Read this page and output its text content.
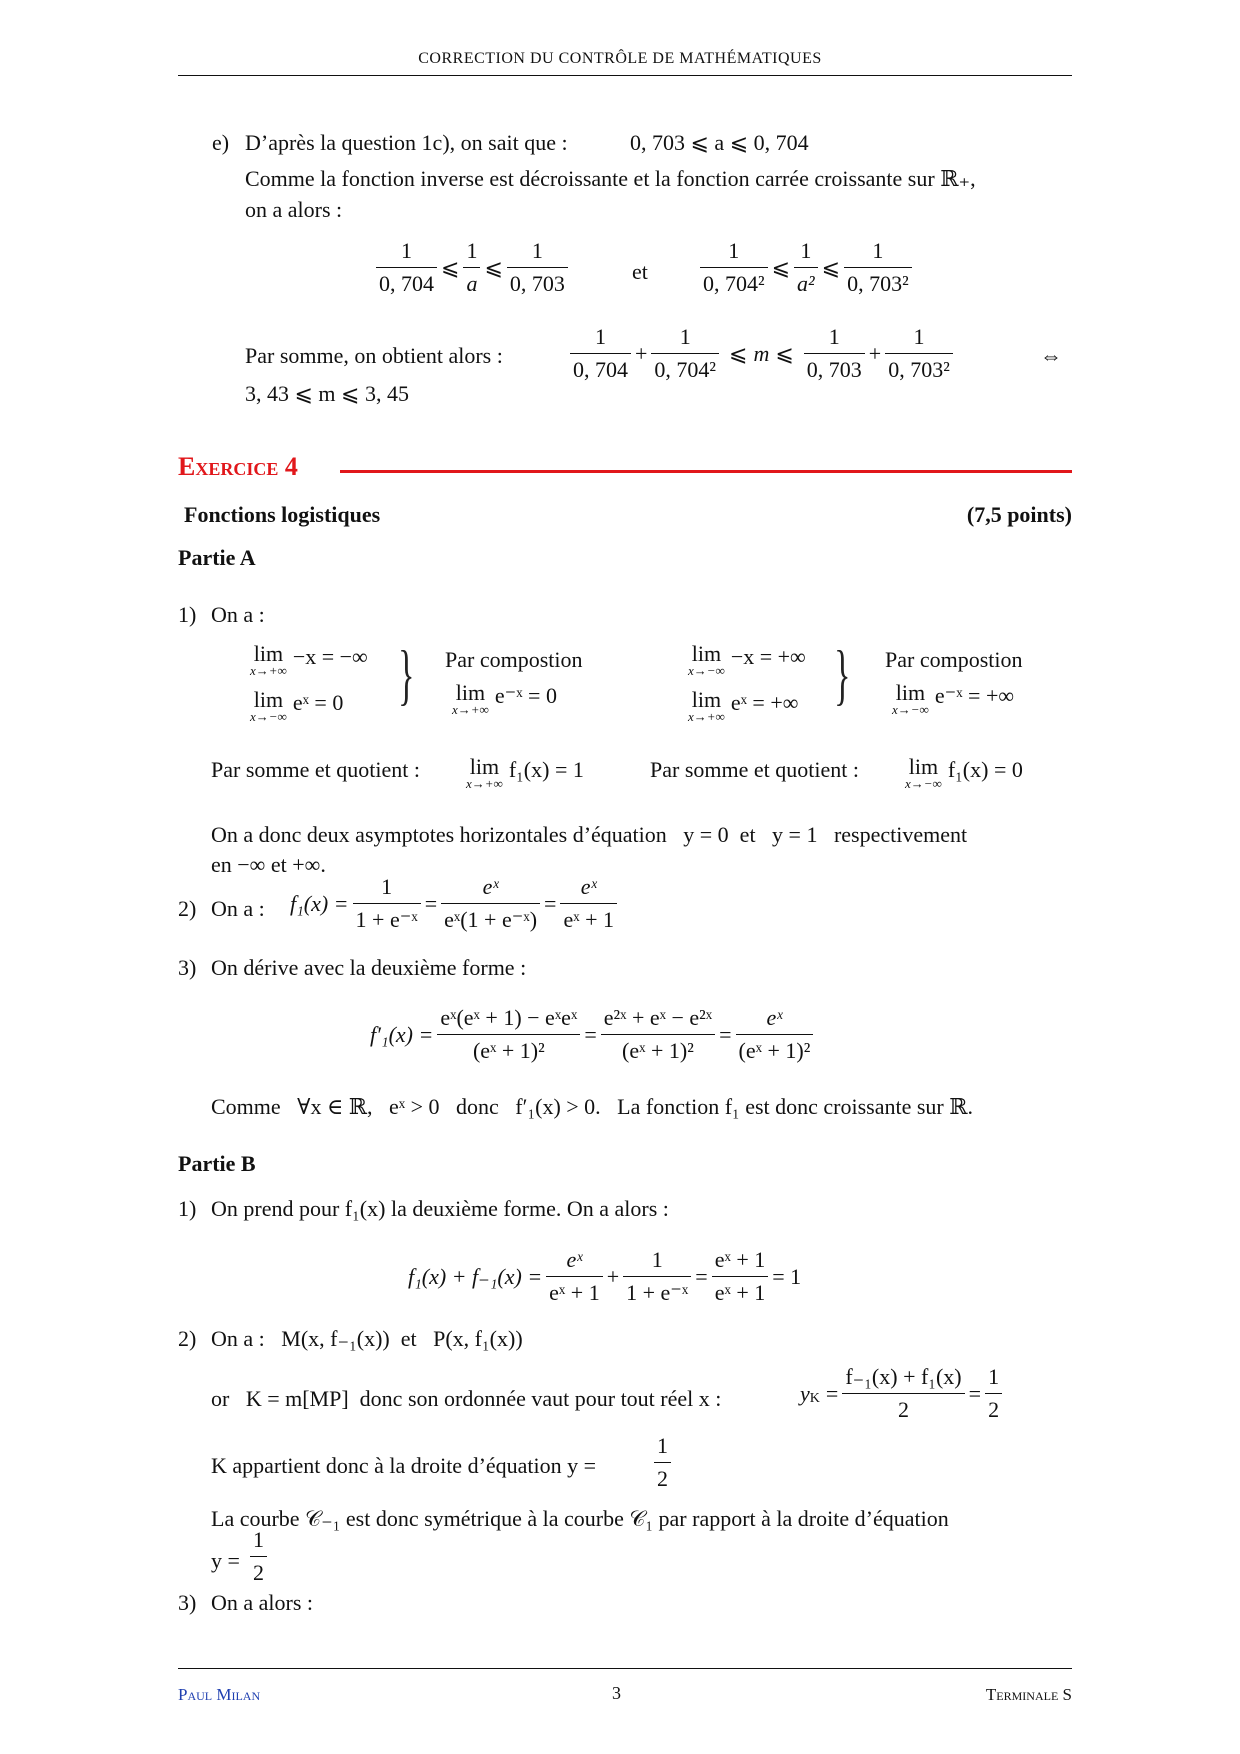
CORRECTION DU CONTRÔLE DE MATHÉMATIQUES
e) D’après la question 1c), on sait que :	0, 703 ⩽ a ⩽ 0, 704
Comme la fonction inverse est décroissante et la fonction carrée croissante sur ℝ₊,
on a alors :
$\frac{1}{0, 704}$ ⩽ $\frac{1}{a}$ ⩽ $\frac{1}{0, 703}$	et $\frac{1}{\text{0, 704²}}$ ⩽ $\frac{1}{\text{a²}}$ ⩽ $\frac{1}{\text{0, 703²}}$
Par somme, on obtient alors :	$\frac{1}{0, 704} + \frac{1}{\text{0, 704²}}$ ⩽ m ⩽ $\frac{1}{0, 703} + \frac{1}{\text{0, 703²}}$	⇔
3, 43 ⩽ m ⩽ 3, 45
Exercice 4
Fonctions logistiques	(7,5 points)
Partie A
1) On a :
lim
x→+∞
−x = −∞
lim
x→−∞
eˣ = 0 } Par compostion
lim
x→+∞
e⁻ˣ = 0
lim
x→−∞
−x = +∞
lim
x→+∞
eˣ = +∞ } Par compostion
lim
x→−∞
e⁻ˣ = +∞
Par somme et quotient : lim
x→+∞
f₁(x) = 1	Par somme et quotient : lim
x→−∞
f₁(x) = 0
On a donc deux asymptotes horizontales d’équation   y = 0  et   y = 1   respectivement
en −∞ et +∞.
2) On a : $f_1(x) = \frac{1}{\text{1 + e⁻ˣ}} = \frac{\text{eˣ}}{\text{eˣ(1 + e⁻ˣ)}} = \frac{\text{eˣ}}{\text{eˣ + 1}}$
3) On dérive avec la deuxième forme :
$f'_1(x) = \frac{\text{eˣ(eˣ + 1) − eˣeˣ}}{\text{(eˣ + 1)²}} = \frac{\text{e²ˣ + eˣ − e²ˣ}}{\text{(eˣ + 1)²}} = \frac{\text{eˣ}}{\text{(eˣ + 1)²}}$
Comme   ∀x ∈ ℝ,   eˣ > 0   donc   f′₁(x) > 0.   La fonction f₁ est donc croissante sur ℝ.
Partie B
1) On prend pour f₁(x) la deuxième forme. On a alors :
$f_1(x) + f_{-1}(x) = \frac{\text{eˣ}}{\text{eˣ + 1}} + \frac{1}{\text{1 + e⁻ˣ}} = \frac{\text{eˣ + 1}}{\text{eˣ + 1}} = 1$
2) On a :   M(x, f₋₁(x))  et   P(x, f₁(x))
or   K = m[MP]  donc son ordonnée vaut pour tout réel x :	y $K = \frac{\text{f₋₁(x) + f₁(x)}}{2} = \frac{1}{2}$
K appartient donc à la droite d’équation y =	$\frac{1}{2}$
La courbe 𝒞₋₁ est donc symétrique à la courbe 𝒞₁ par rapport à la droite d’équation
$y = \frac{1}{2}$
3) On a alors :
Paul Milan	3	Terminale S
